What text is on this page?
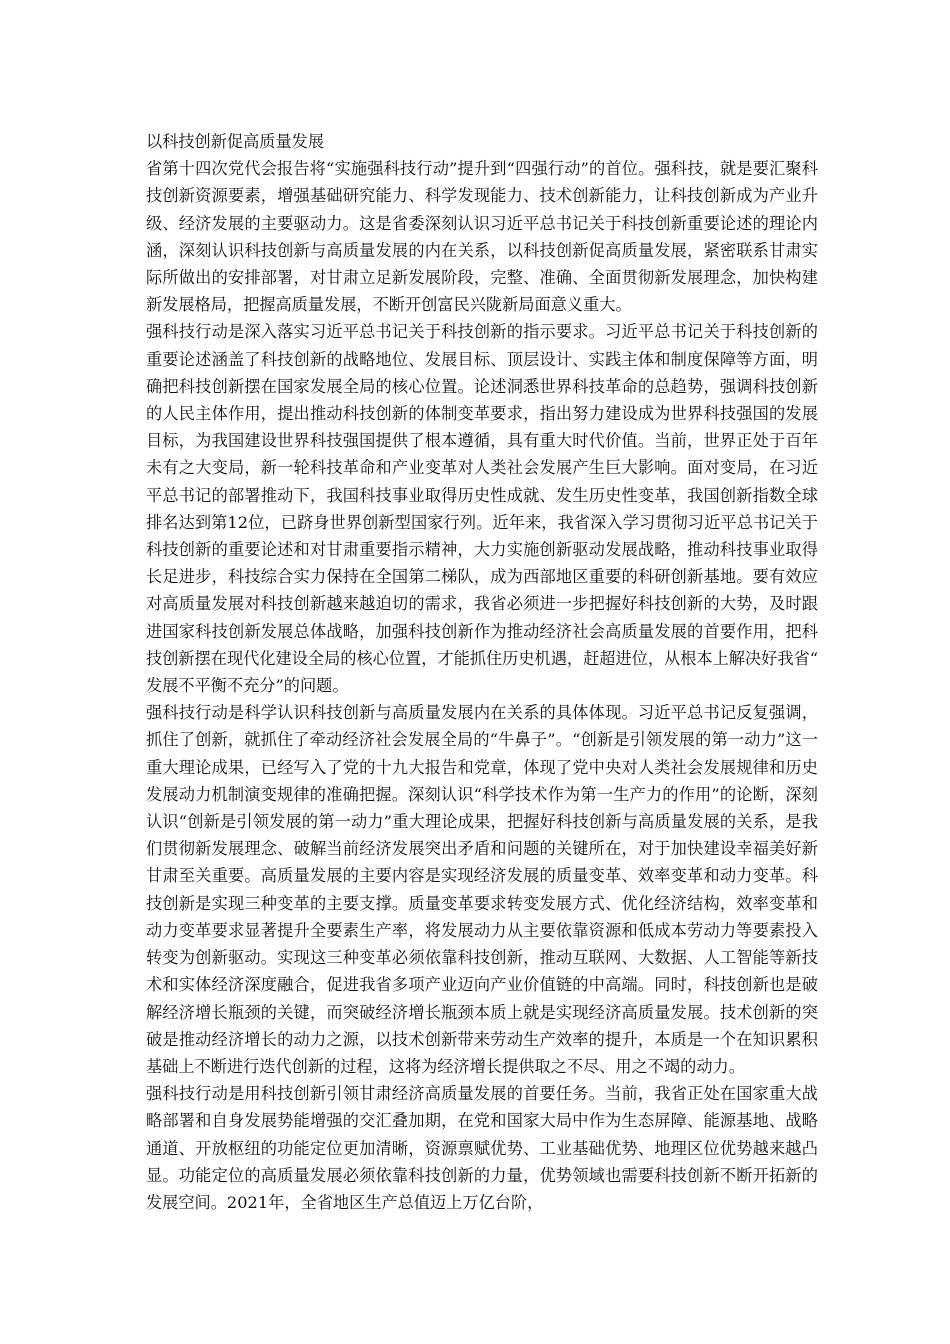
以科技创新促高质量发展

省第十四次党代会报告将“实施强科技行动”提升到“四强行动”的首位。强科技，就是要汇聚科技创新资源要素，增强基础研究能力、科学发现能力、技术创新能力，让科技创新成为产业升级、经济发展的主要驱动力。这是省委深刻认识习近平总书记关于科技创新重要论述的理论内涵，深刻认识科技创新与高质量发展的内在关系，以科技创新促高质量发展，紧密联系甘肃实际所做出的安排部署，对甘肃立足新发展阶段，完整、准确、全面贯彻新发展理念，加快构建新发展格局，把握高质量发展，不断开创富民兴陇新局面意义重大。

强科技行动是深入落实习近平总书记关于科技创新的指示要求。习近平总书记关于科技创新的重要论述涵盖了科技创新的战略地位、发展目标、顶层设计、实践主体和制度保障等方面，明确把科技创新摆在国家发展全局的核心位置。论述洞悉世界科技革命的总趋势，强调科技创新的人民主体作用，提出推动科技创新的体制变革要求，指出努力建设成为世界科技强国的发展目标，为我国建设世界科技强国提供了根本遵循，具有重大时代价值。当前，世界正处于百年未有之大变局，新一轮科技革命和产业变革对人类社会发展产生巨大影响。面对变局，在习近平总书记的部署推动下，我国科技事业取得历史性成就、发生历史性变革，我国创新指数全球排名达到第12位，已跻身世界创新型国家行列。近年来，我省深入学习贯彻习近平总书记关于科技创新的重要论述和对甘肃重要指示精神，大力实施创新驱动发展战略，推动科技事业取得长足进步，科技综合实力保持在全国第二梯队，成为西部地区重要的科研创新基地。要有效应对高质量发展对科技创新越来越迫切的需求，我省必须进一步把握好科技创新的大势，及时跟进国家科技创新发展总体战略，加强科技创新作为推动经济社会高质量发展的首要作用，把科技创新摆在现代化建设全局的核心位置，才能抓住历史机遇，赶超进位，从根本上解决好我省“发展不平衡不充分”的问题。

强科技行动是科学认识科技创新与高质量发展内在关系的具体体现。习近平总书记反复强调，抓住了创新，就抓住了牵动经济社会发展全局的“牛鼻子”。“创新是引领发展的第一动力”这一重大理论成果，已经写入了党的十九大报告和党章，体现了党中央对人类社会发展规律和历史发展动力机制演变规律的准确把握。深刻认识“科学技术作为第一生产力的作用”的论断，深刻认识“创新是引领发展的第一动力”重大理论成果，把握好科技创新与高质量发展的关系，是我们贯彻新发展理念、破解当前经济发展突出矛盾和问题的关键所在，对于加快建设幸福美好新甘肃至关重要。高质量发展的主要内容是实现经济发展的质量变革、效率变革和动力变革。科技创新是实现三种变革的主要支撑。质量变革要求转变发展方式、优化经济结构，效率变革和动力变革要求显著提升全要素生产率，将发展动力从主要依靠资源和低成本劳动力等要素投入转变为创新驱动。实现这三种变革必须依靠科技创新，推动互联网、大数据、人工智能等新技术和实体经济深度融合，促进我省多项产业迈向产业价值链的中高端。同时，科技创新也是破解经济增长瓶颈的关键，而突破经济增长瓶颈本质上就是实现经济高质量发展。技术创新的突破是推动经济增长的动力之源，以技术创新带来劳动生产效率的提升，本质是一个在知识累积基础上不断进行迭代创新的过程，这将为经济增长提供取之不尽、用之不竭的动力。

强科技行动是用科技创新引领甘肃经济高质量发展的首要任务。当前，我省正处在国家重大战略部署和自身发展势能增强的交汇叠加期，在党和国家大局中作为生态屏障、能源基地、战略通道、开放枢纽的功能定位更加清晰，资源禀赋优势、工业基础优势、地理区位优势越来越凸显。功能定位的高质量发展必须依靠科技创新的力量，优势领域也需要科技创新不断开拓新的发展空间。2021年，全省地区生产总值迈上万亿台阶，
